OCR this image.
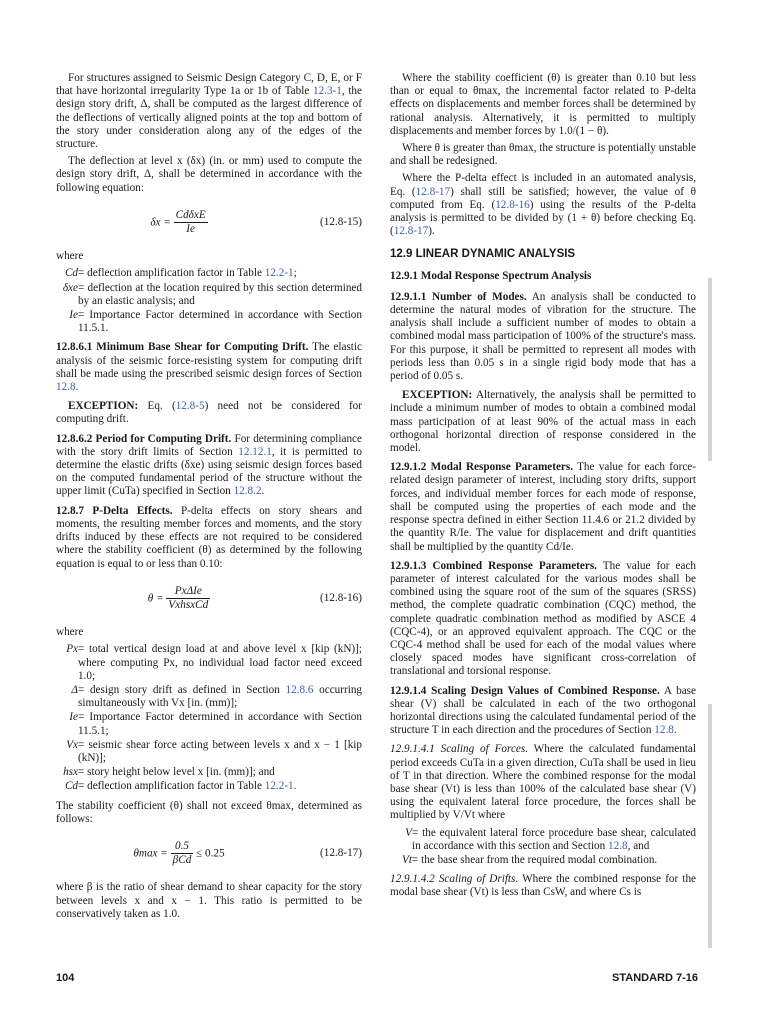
For structures assigned to Seismic Design Category C, D, E, or F that have horizontal irregularity Type 1a or 1b of Table 12.3-1, the design story drift, Δ, shall be computed as the largest difference of the deflections of vertically aligned points at the top and bottom of the story under consideration along any of the edges of the structure.

The deflection at level x (δx) (in. or mm) used to compute the design story drift, Δ, shall be determined in accordance with the following equation:

$\delta x = \frac{\text{CdδxE}}{Ie}$	(12.8-15)

where

Cd = deflection amplification factor in Table 12.2-1;
δxe = deflection at the location required by this section determined by an elastic analysis; and
Ie = Importance Factor determined in accordance with Section 11.5.1.

12.8.6.1 Minimum Base Shear for Computing Drift. The elastic analysis of the seismic force-resisting system for computing drift shall be made using the prescribed seismic design forces of Section 12.8.

EXCEPTION: Eq. (12.8-5) need not be considered for computing drift.

12.8.6.2 Period for Computing Drift. For determining compliance with the story drift limits of Section 12.12.1, it is permitted to determine the elastic drifts (δxe) using seismic design forces based on the computed fundamental period of the structure without the upper limit (CuTa) specified in Section 12.8.2.

12.8.7 P-Delta Effects. P-delta effects on story shears and moments, the resulting member forces and moments, and the story drifts induced by these effects are not required to be considered where the stability coefficient (θ) as determined by the following equation is equal to or less than 0.10:

$\theta = \frac{\text{PxΔIe}}{\text{VxhsxCd}}$	(12.8-16)

where

Px = total vertical design load at and above level x [kip (kN)]; where computing Px, no individual load factor need exceed 1.0;
Δ = design story drift as defined in Section 12.8.6 occurring simultaneously with Vx [in. (mm)];
Ie = Importance Factor determined in accordance with Section 11.5.1;
Vx = seismic shear force acting between levels x and x − 1 [kip (kN)];
hsx = story height below level x [in. (mm)]; and
Cd = deflection amplification factor in Table 12.2-1.

The stability coefficient (θ) shall not exceed θmax, determined as follows:

$\theta\max = \frac{0.5}{\text{βCd}} \le 0.25$	(12.8-17)

where β is the ratio of shear demand to shear capacity for the story between levels x and x − 1. This ratio is permitted to be conservatively taken as 1.0.

Where the stability coefficient (θ) is greater than 0.10 but less than or equal to θmax, the incremental factor related to P-delta effects on displacements and member forces shall be determined by rational analysis. Alternatively, it is permitted to multiply displacements and member forces by 1.0/(1 − θ).

Where θ is greater than θmax, the structure is potentially unstable and shall be redesigned.

Where the P-delta effect is included in an automated analysis, Eq. (12.8-17) shall still be satisfied; however, the value of θ computed from Eq. (12.8-16) using the results of the P-delta analysis is permitted to be divided by (1 + θ) before checking Eq. (12.8-17).

12.9 LINEAR DYNAMIC ANALYSIS
12.9.1 Modal Response Spectrum Analysis

12.9.1.1 Number of Modes. An analysis shall be conducted to determine the natural modes of vibration for the structure. The analysis shall include a sufficient number of modes to obtain a combined modal mass participation of 100% of the structure's mass. For this purpose, it shall be permitted to represent all modes with periods less than 0.05 s in a single rigid body mode that has a period of 0.05 s.

EXCEPTION: Alternatively, the analysis shall be permitted to include a minimum number of modes to obtain a combined modal mass participation of at least 90% of the actual mass in each orthogonal horizontal direction of response considered in the model.

12.9.1.2 Modal Response Parameters. The value for each force-related design parameter of interest, including story drifts, support forces, and individual member forces for each mode of response, shall be computed using the properties of each mode and the response spectra defined in either Section 11.4.6 or 21.2 divided by the quantity R/Ie. The value for displacement and drift quantities shall be multiplied by the quantity Cd/Ie.

12.9.1.3 Combined Response Parameters. The value for each parameter of interest calculated for the various modes shall be combined using the square root of the sum of the squares (SRSS) method, the complete quadratic combination (CQC) method, the complete quadratic combination method as modified by ASCE 4 (CQC-4), or an approved equivalent approach. The CQC or the CQC-4 method shall be used for each of the modal values where closely spaced modes have significant cross-correlation of translational and torsional response.

12.9.1.4 Scaling Design Values of Combined Response. A base shear (V) shall be calculated in each of the two orthogonal horizontal directions using the calculated fundamental period of the structure T in each direction and the procedures of Section 12.8.

12.9.1.4.1 Scaling of Forces. Where the calculated fundamental period exceeds CuTa in a given direction, CuTa shall be used in lieu of T in that direction. Where the combined response for the modal base shear (Vt) is less than 100% of the calculated base shear (V) using the equivalent lateral force procedure, the forces shall be multiplied by V/Vt where

V = the equivalent lateral force procedure base shear, calculated in accordance with this section and Section 12.8, and
Vt = the base shear from the required modal combination.

12.9.1.4.2 Scaling of Drifts. Where the combined response for the modal base shear (Vt) is less than CsW, and where Cs is

104	STANDARD 7-16
